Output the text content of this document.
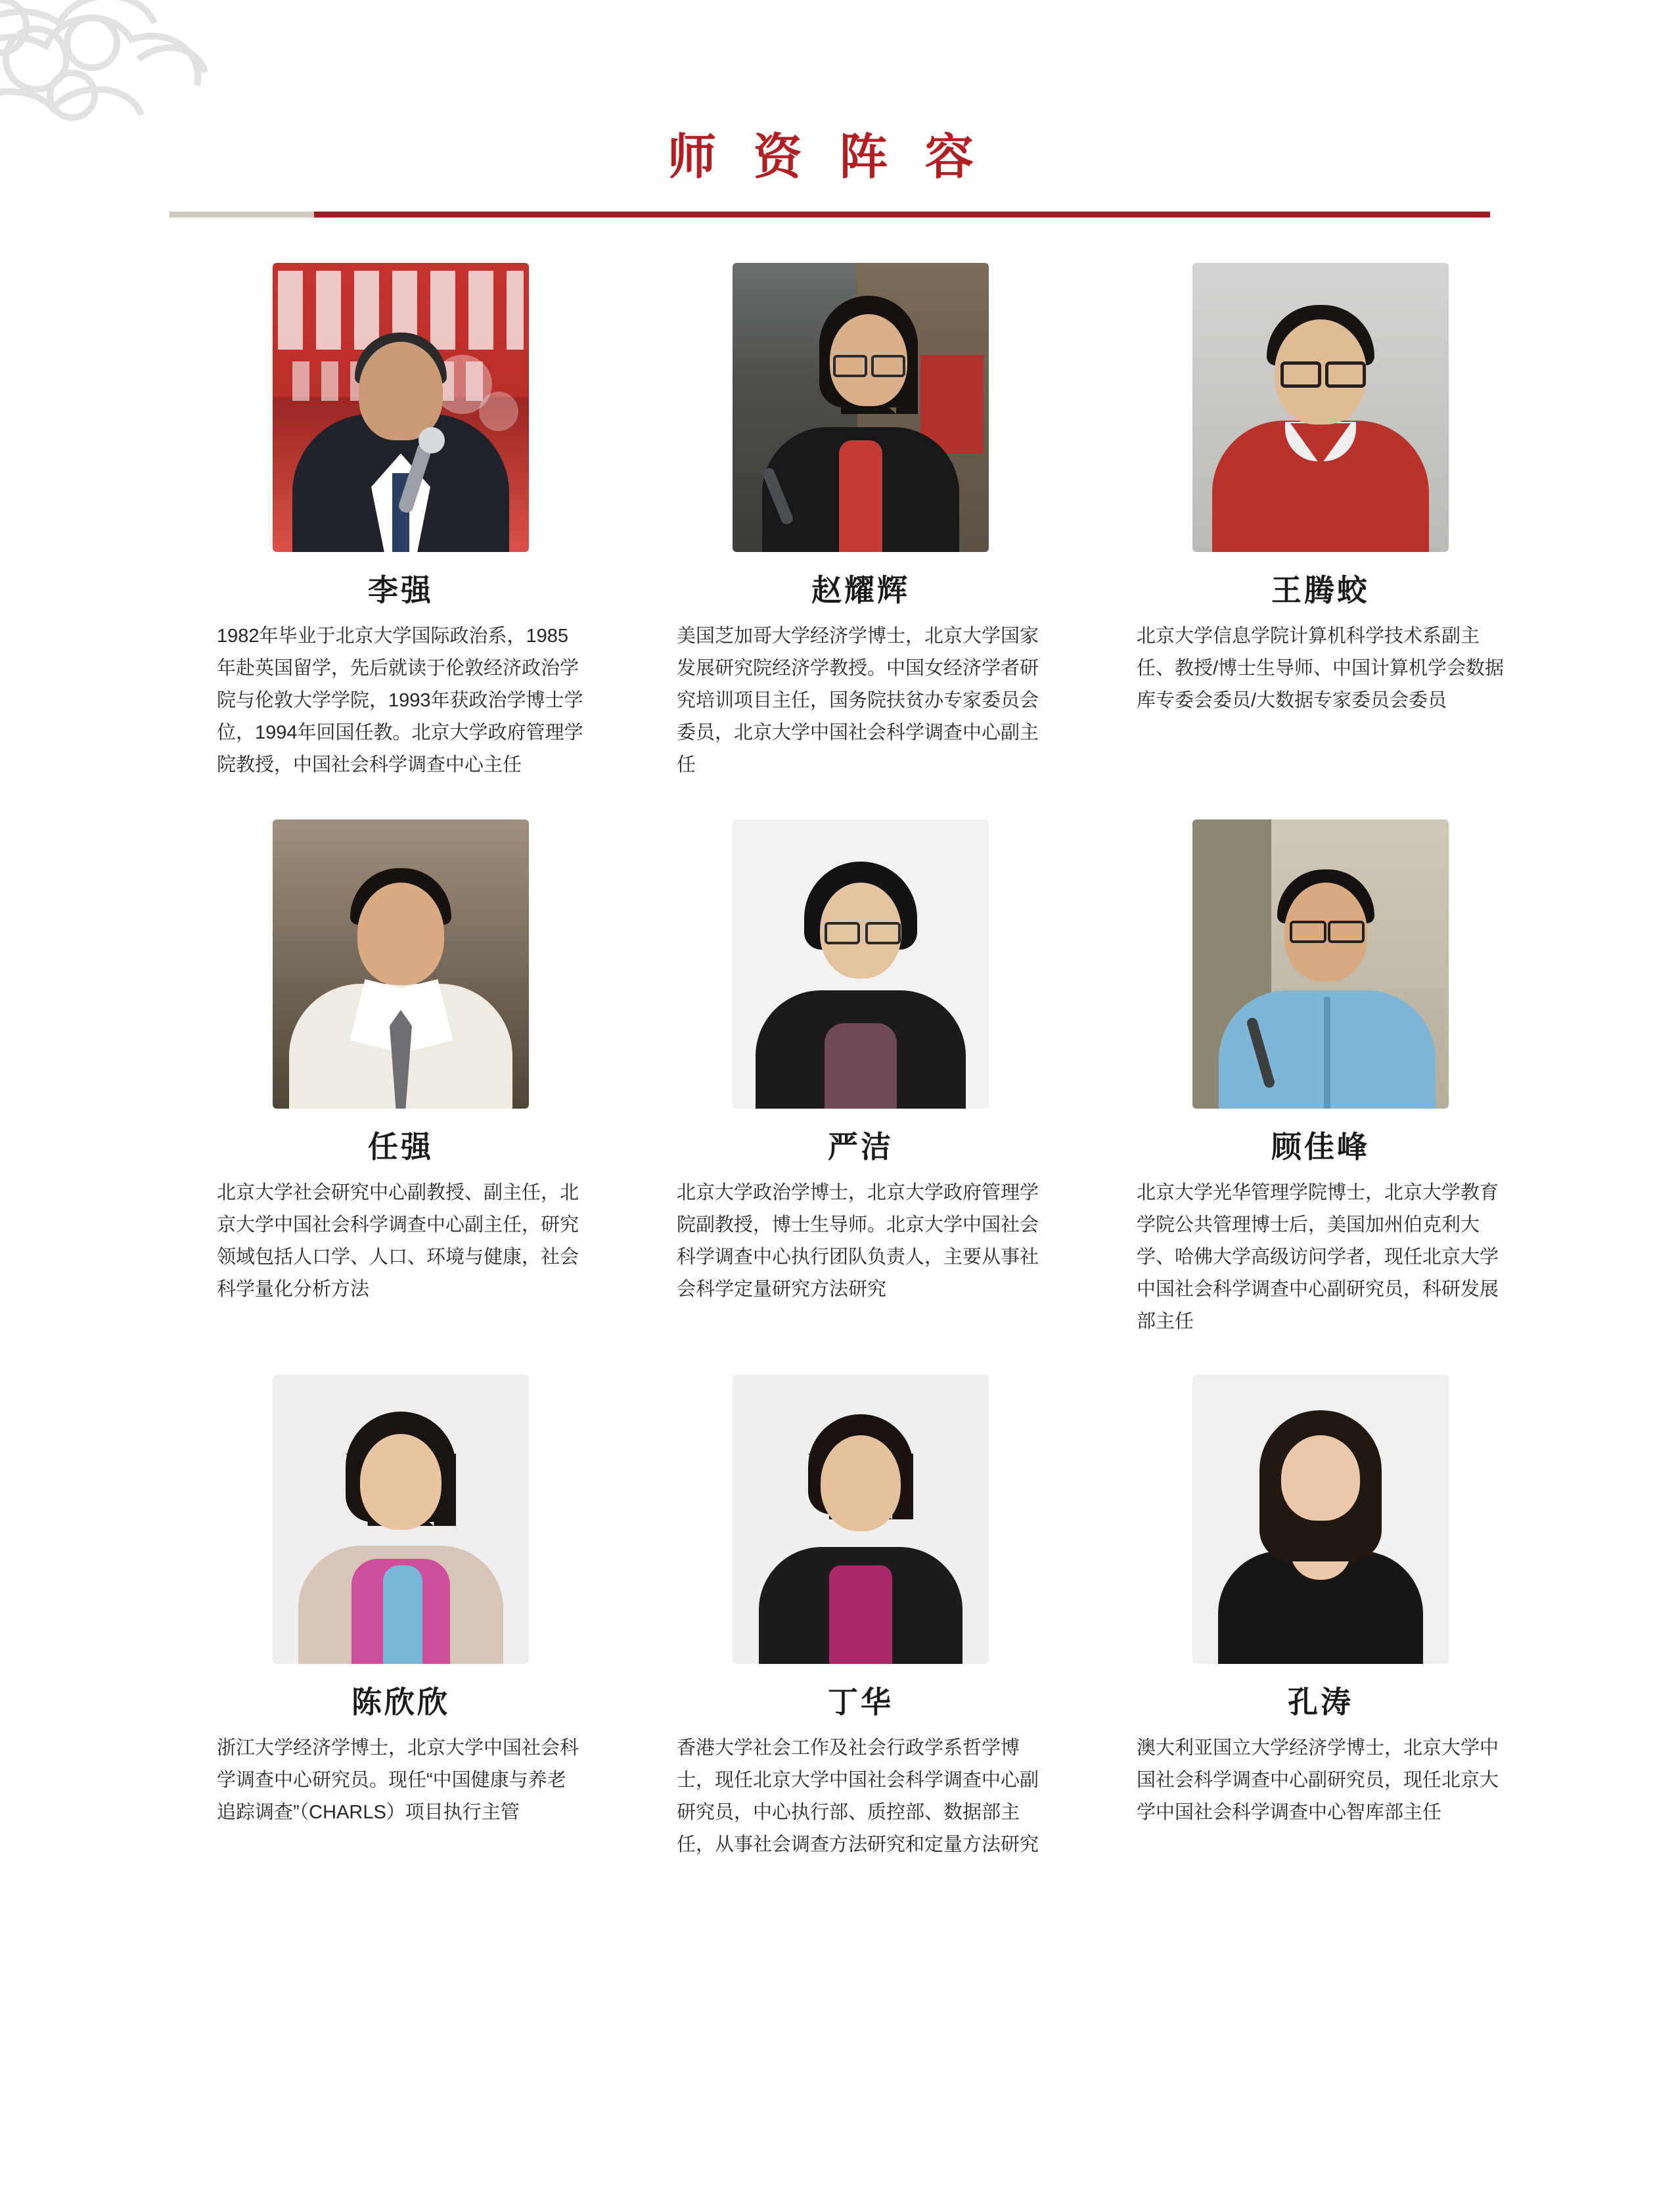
师 资 阵 容
李强
1982年毕业于北京大学国际政治系，1985年赴英国留学，先后就读于伦敦经济政治学院与伦敦大学学院，1993年获政治学博士学位，1994年回国任教。北京大学政府管理学院教授，中国社会科学调查中心主任
赵耀辉
美国芝加哥大学经济学博士，北京大学国家发展研究院经济学教授。中国女经济学者研究培训项目主任，国务院扶贫办专家委员会委员，北京大学中国社会科学调查中心副主任
王腾蛟
北京大学信息学院计算机科学技术系副主任、教授/博士生导师、中国计算机学会数据库专委会委员/大数据专家委员会委员
任强
北京大学社会研究中心副教授、副主任，北京大学中国社会科学调查中心副主任，研究领域包括人口学、人口、环境与健康，社会科学量化分析方法
严洁
北京大学政治学博士，北京大学政府管理学院副教授，博士生导师。北京大学中国社会科学调查中心执行团队负责人，主要从事社会科学定量研究方法研究
顾佳峰
北京大学光华管理学院博士，北京大学教育学院公共管理博士后，美国加州伯克利大学、哈佛大学高级访问学者，现任北京大学中国社会科学调查中心副研究员，科研发展部主任
陈欣欣
浙江大学经济学博士，北京大学中国社会科学调查中心研究员。现任“中国健康与养老追踪调查”（CHARLS）项目执行主管
丁华
香港大学社会工作及社会行政学系哲学博士，现任北京大学中国社会科学调查中心副研究员，中心执行部、质控部、数据部主任，从事社会调查方法研究和定量方法研究
孔涛
澳大利亚国立大学经济学博士，北京大学中国社会科学调查中心副研究员，现任北京大学中国社会科学调查中心智库部主任
